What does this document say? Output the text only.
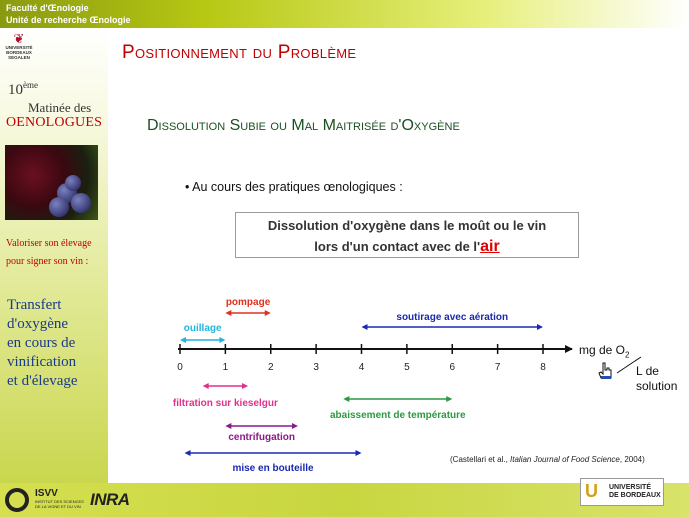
Faculté d'Œnologie
Unité de recherche Œnologie
❦
UNIVERSITÉ
BORDEAUX
SEGALEN
10ème
Matinée des
OENOLOGUES
Valoriser son élevage
pour signer son vin :
Transfert
d'oxygène
en cours de
vinification
et d'élevage
Positionnement du Problème
Dissolution Subie ou Mal Maitrisée d'Oxygène
• Au cours des pratiques œnologiques :
Dissolution d'oxygène dans le moût ou le vin
lors d'un contact avec de l'air
0	1	2	3	4	5	6	7	8
pompage
ouillage
soutirage avec aération
filtration sur kieselgur
abaissement de température
centrifugation
mise en bouteille
mg de $O_2$
L de
solution
(Castellari et al., Italian Journal of Food Science, 2004)
ISVV
INSTITUT DES SCIENCES DE LA VIGNE ET DU VIN INRA	U UNIVERSITÉ
DE BORDEAUX
